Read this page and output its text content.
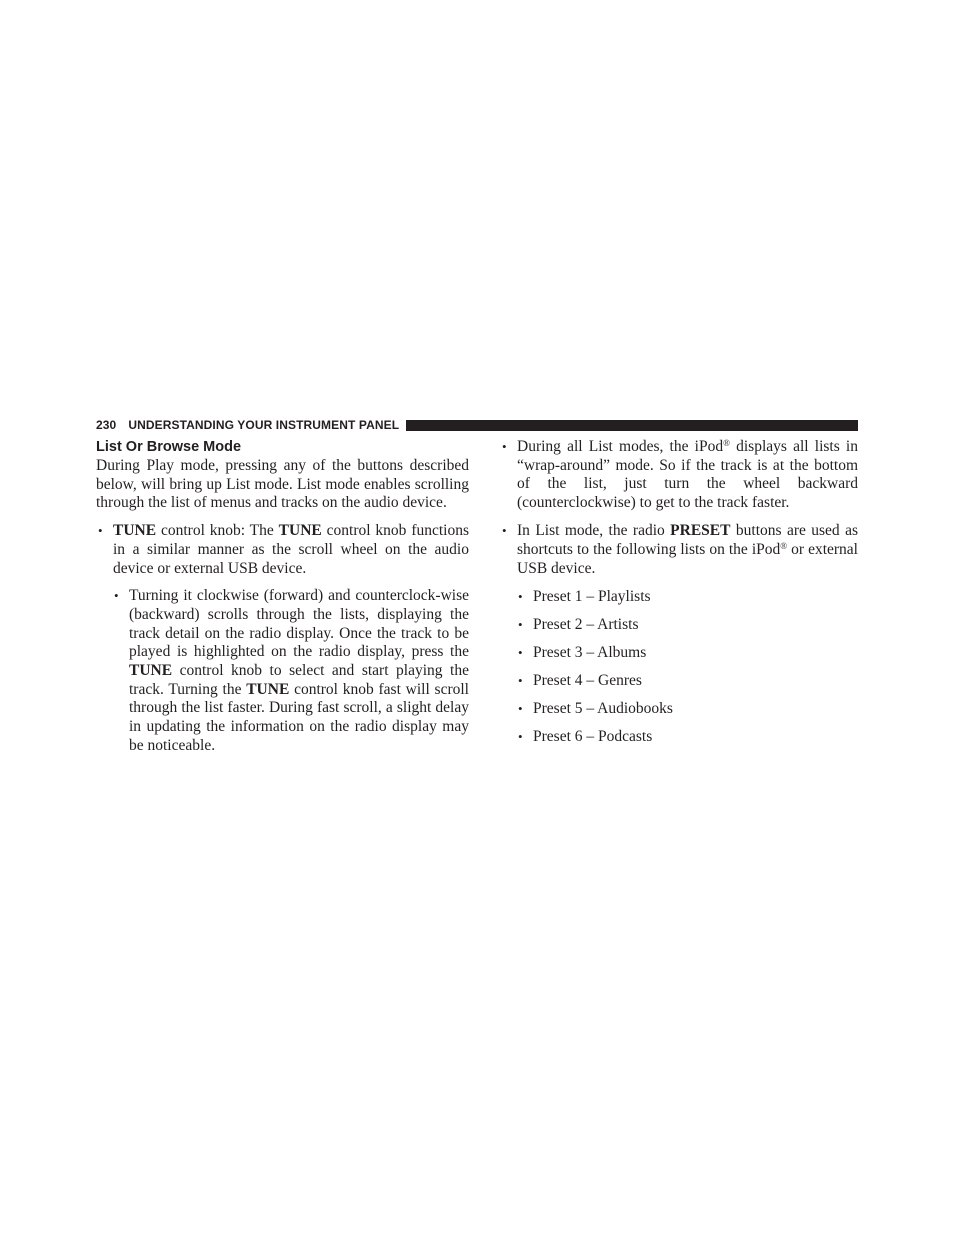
230 UNDERSTANDING YOUR INSTRUMENT PANEL
List Or Browse Mode

During Play mode, pressing any of the buttons described below, will bring up List mode. List mode enables scrolling through the list of menus and tracks on the audio device.

• TUNE control knob: The TUNE control knob functions in a similar manner as the scroll wheel on the audio device or external USB device.
• Turning it clockwise (forward) and counterclock-wise (backward) scrolls through the lists, displaying the track detail on the radio display. Once the track to be played is highlighted on the radio display, press the TUNE control knob to select and start playing the track. Turning the TUNE control knob fast will scroll through the list faster. During fast scroll, a slight delay in updating the information on the radio display may be noticeable.
• During all List modes, the iPod® displays all lists in “wrap-around” mode. So if the track is at the bottom of the list, just turn the wheel backward (counterclockwise) to get to the track faster.
• In List mode, the radio PRESET buttons are used as shortcuts to the following lists on the iPod® or external USB device.
• Preset 1 – Playlists
• Preset 2 – Artists
• Preset 3 – Albums
• Preset 4 – Genres
• Preset 5 – Audiobooks
• Preset 6 – Podcasts
